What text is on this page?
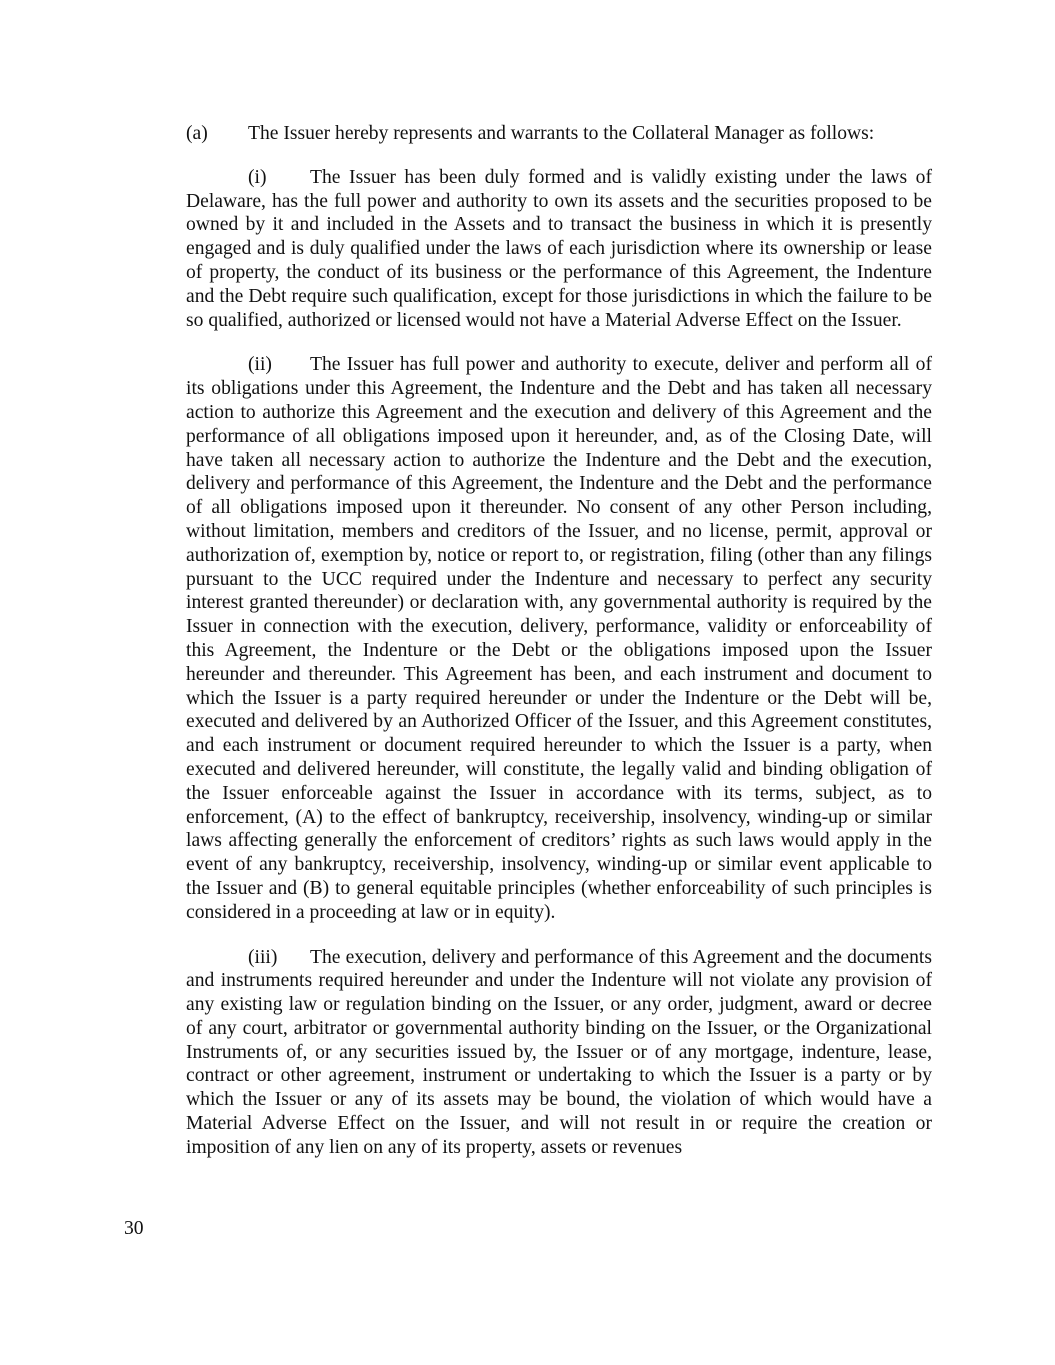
(a) The Issuer hereby represents and warrants to the Collateral Manager as follows:

(i) The Issuer has been duly formed and is validly existing under the laws of Delaware, has the full power and authority to own its assets and the securities proposed to be owned by it and included in the Assets and to transact the business in which it is presently engaged and is duly qualified under the laws of each jurisdiction where its ownership or lease of property, the conduct of its business or the performance of this Agreement, the Indenture and the Debt require such qualification, except for those jurisdictions in which the failure to be so qualified, authorized or licensed would not have a Material Adverse Effect on the Issuer.

(ii) The Issuer has full power and authority to execute, deliver and perform all of its obligations under this Agreement, the Indenture and the Debt and has taken all necessary action to authorize this Agreement and the execution and delivery of this Agreement and the performance of all obligations imposed upon it hereunder, and, as of the Closing Date, will have taken all necessary action to authorize the Indenture and the Debt and the execution, delivery and performance of this Agreement, the Indenture and the Debt and the performance of all obligations imposed upon it thereunder. No consent of any other Person including, without limitation, members and creditors of the Issuer, and no license, permit, approval or authorization of, exemption by, notice or report to, or registration, filing (other than any filings pursuant to the UCC required under the Indenture and necessary to perfect any security interest granted thereunder) or declaration with, any governmental authority is required by the Issuer in connection with the execution, delivery, performance, validity or enforceability of this Agreement, the Indenture or the Debt or the obligations imposed upon the Issuer hereunder and thereunder. This Agreement has been, and each instrument and document to which the Issuer is a party required hereunder or under the Indenture or the Debt will be, executed and delivered by an Authorized Officer of the Issuer, and this Agreement constitutes, and each instrument or document required hereunder to which the Issuer is a party, when executed and delivered hereunder, will constitute, the legally valid and binding obligation of the Issuer enforceable against the Issuer in accordance with its terms, subject, as to enforcement, (A) to the effect of bankruptcy, receivership, insolvency, winding-up or similar laws affecting generally the enforcement of creditors’ rights as such laws would apply in the event of any bankruptcy, receivership, insolvency, winding-up or similar event applicable to the Issuer and (B) to general equitable principles (whether enforceability of such principles is considered in a proceeding at law or in equity).

(iii) The execution, delivery and performance of this Agreement and the documents and instruments required hereunder and under the Indenture will not violate any provision of any existing law or regulation binding on the Issuer, or any order, judgment, award or decree of any court, arbitrator or governmental authority binding on the Issuer, or the Organizational Instruments of, or any securities issued by, the Issuer or of any mortgage, indenture, lease, contract or other agreement, instrument or undertaking to which the Issuer is a party or by which the Issuer or any of its assets may be bound, the violation of which would have a Material Adverse Effect on the Issuer, and will not result in or require the creation or imposition of any lien on any of its property, assets or revenues

30
